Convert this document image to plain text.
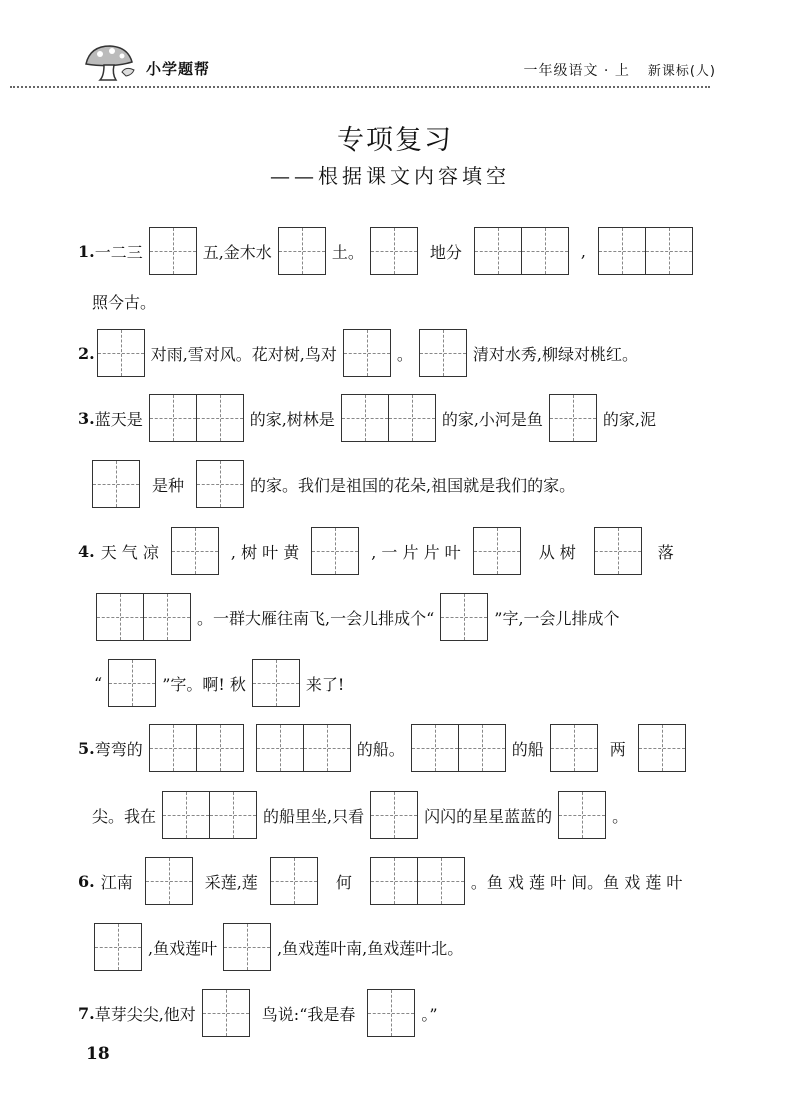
小学题帮	一年级语文 · 上 新课标(人)
专项复习
——根据课文内容填空
1. 一二三	五,金木水	土。	地分	,
照今古。
2.	对雨,雪对风。花对树,鸟对	。	清对水秀,柳绿对桃红。
3. 蓝天是	的家,树林是	的家,小河是鱼	的家,泥
是种	的家。我们是祖国的花朵,祖国就是我们的家。
4. 天 气 凉	, 树 叶 黄	, 一 片 片 叶	从 树	落
。一群大雁往南飞,一会儿排成个“	”字,一会儿排成个
“	”字。啊! 秋	来了!
5. 弯弯的	的船。	的船	两
尖。我在	的船里坐,只看	闪闪的星星蓝蓝的	。
6. 江南	采莲,莲	何	。鱼 戏 莲 叶 间。鱼 戏 莲 叶
,鱼戏莲叶	,鱼戏莲叶南,鱼戏莲叶北。
7. 草芽尖尖,他对	鸟说:“我是春	。”
18
